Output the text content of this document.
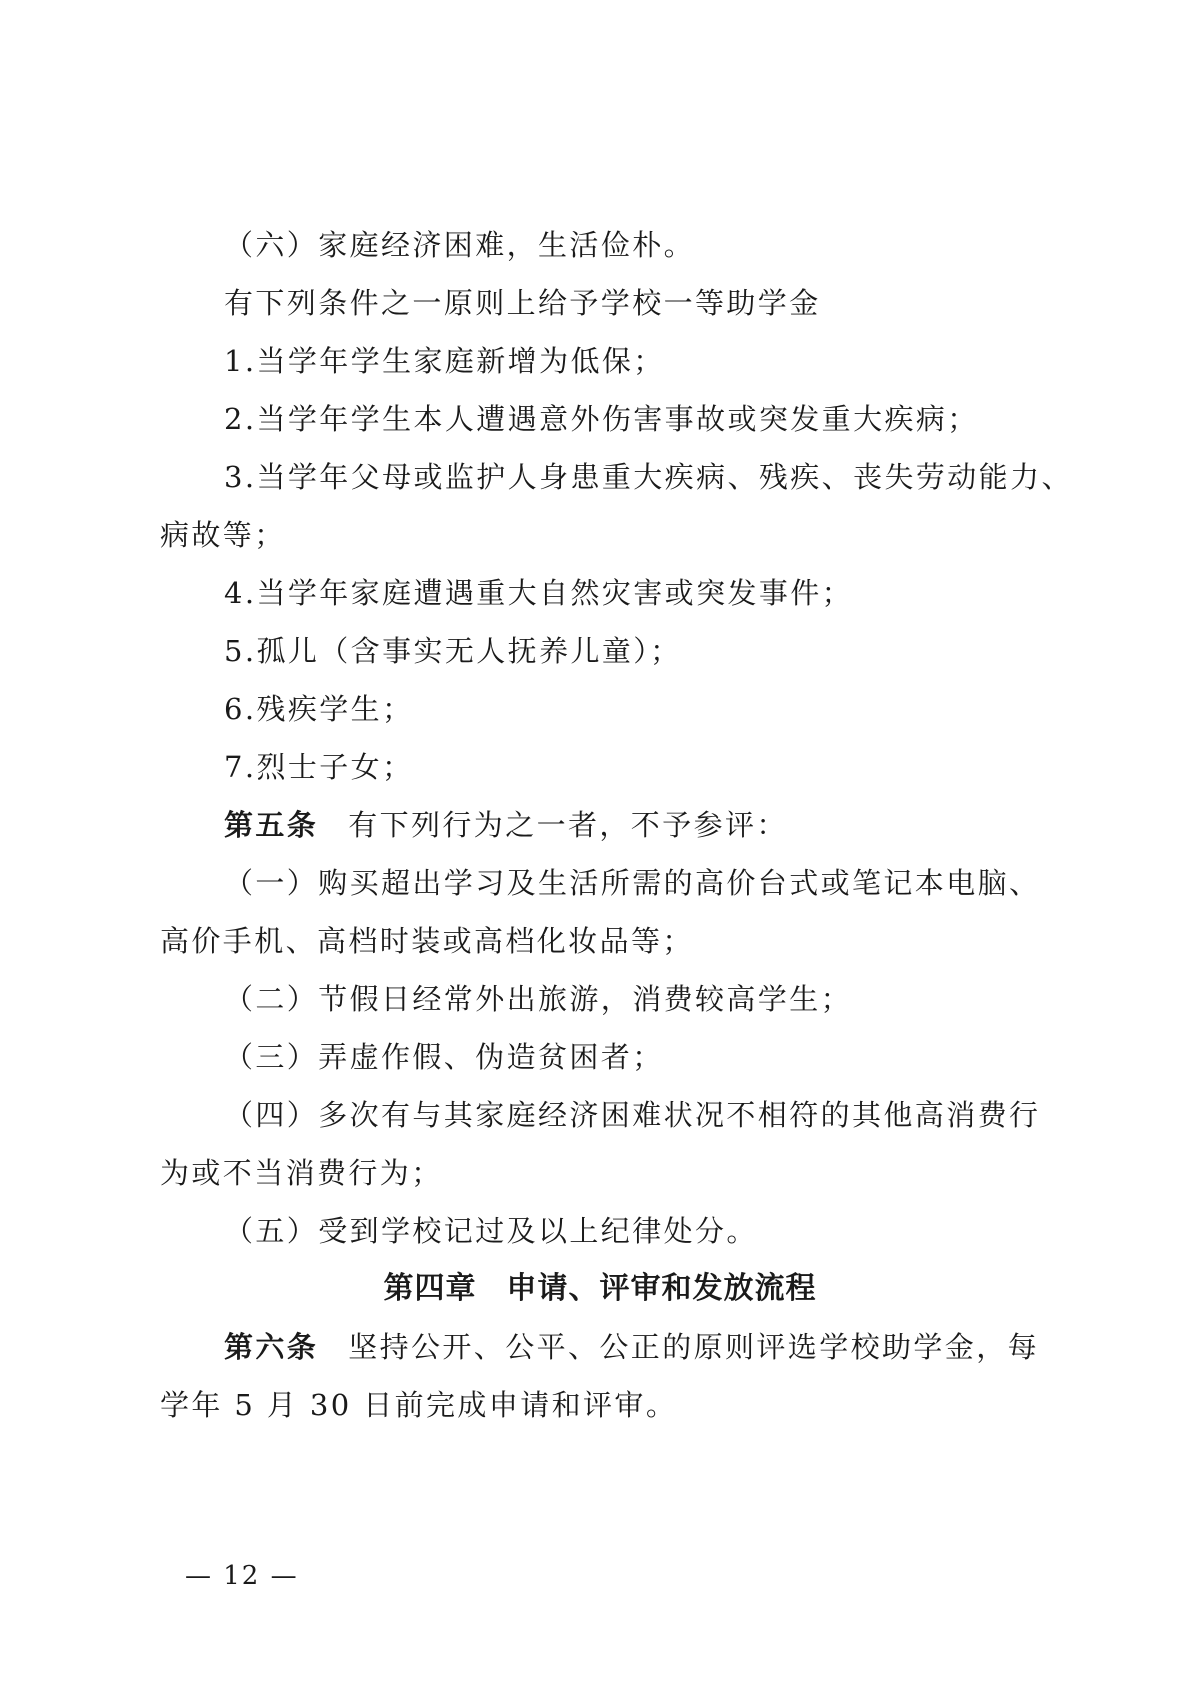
（六）家庭经济困难，生活俭朴。
有下列条件之一原则上给予学校一等助学金
1.当学年学生家庭新增为低保；
2.当学年学生本人遭遇意外伤害事故或突发重大疾病；
3.当学年父母或监护人身患重大疾病、残疾、丧失劳动能力、
病故等；
4.当学年家庭遭遇重大自然灾害或突发事件；
5.孤儿（含事实无人抚养儿童）；
6.残疾学生；
7.烈士子女；
第五条 有下列行为之一者，不予参评：
（一）购买超出学习及生活所需的高价台式或笔记本电脑、
高价手机、高档时装或高档化妆品等；
（二）节假日经常外出旅游，消费较高学生；
（三）弄虚作假、伪造贫困者；
（四）多次有与其家庭经济困难状况不相符的其他高消费行
为或不当消费行为；
（五）受到学校记过及以上纪律处分。
第四章 申请、评审和发放流程
第六条 坚持公开、公平、公正的原则评选学校助学金，每
学年 5 月 30 日前完成申请和评审。
— 12 —
